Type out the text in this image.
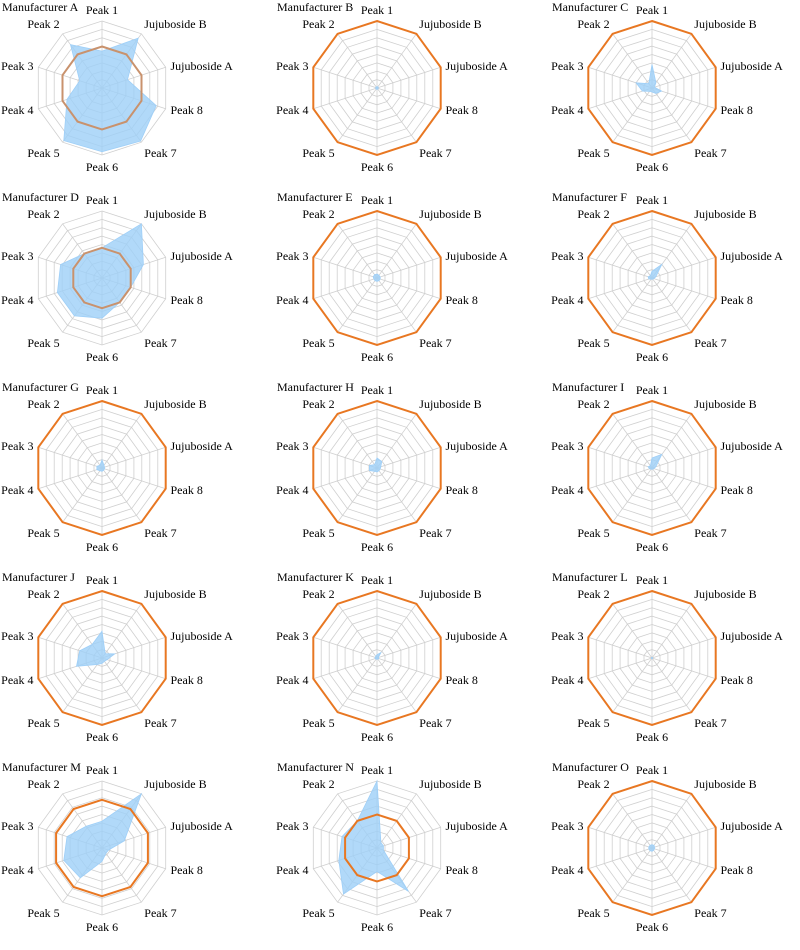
Manufacturer A Peak 1
Jujuboside B
Jujuboside A
Peak 8
Peak 7
Peak 6
Peak 5
Peak 4
Peak 3
Peak 2
Manufacturer B Peak 1
Jujuboside B
Jujuboside A
Peak 8
Peak 7
Peak 6
Peak 5
Peak 4
Peak 3
Peak 2
Manufacturer C Peak 1
Jujuboside B
Jujuboside A
Peak 8
Peak 7
Peak 6
Peak 5
Peak 4
Peak 3
Peak 2
Manufacturer D Peak 1
Jujuboside B
Jujuboside A
Peak 8
Peak 7
Peak 6
Peak 5
Peak 4
Peak 3
Peak 2
Manufacturer E Peak 1
Jujuboside B
Jujuboside A
Peak 8
Peak 7
Peak 6
Peak 5
Peak 4
Peak 3
Peak 2
Manufacturer F Peak 1
Jujuboside B
Jujuboside A
Peak 8
Peak 7
Peak 6
Peak 5
Peak 4
Peak 3
Peak 2
Manufacturer G Peak 1
Jujuboside B
Jujuboside A
Peak 8
Peak 7
Peak 6
Peak 5
Peak 4
Peak 3
Peak 2
Manufacturer H Peak 1
Jujuboside B
Jujuboside A
Peak 8
Peak 7
Peak 6
Peak 5
Peak 4
Peak 3
Peak 2
Manufacturer I Peak 1
Jujuboside B
Jujuboside A
Peak 8
Peak 7
Peak 6
Peak 5
Peak 4
Peak 3
Peak 2
Manufacturer J Peak 1
Jujuboside B
Jujuboside A
Peak 8
Peak 7
Peak 6
Peak 5
Peak 4
Peak 3
Peak 2
Manufacturer K Peak 1
Jujuboside B
Jujuboside A
Peak 8
Peak 7
Peak 6
Peak 5
Peak 4
Peak 3
Peak 2
Manufacturer L Peak 1
Jujuboside B
Jujuboside A
Peak 8
Peak 7
Peak 6
Peak 5
Peak 4
Peak 3
Peak 2
Manufacturer M Peak 1
Jujuboside B
Jujuboside A
Peak 8
Peak 7
Peak 6
Peak 5
Peak 4
Peak 3
Peak 2
Manufacturer N Peak 1
Jujuboside B
Jujuboside A
Peak 8
Peak 7
Peak 6
Peak 5
Peak 4
Peak 3
Peak 2
Manufacturer O Peak 1
Jujuboside B
Jujuboside A
Peak 8
Peak 7
Peak 6
Peak 5
Peak 4
Peak 3
Peak 2
